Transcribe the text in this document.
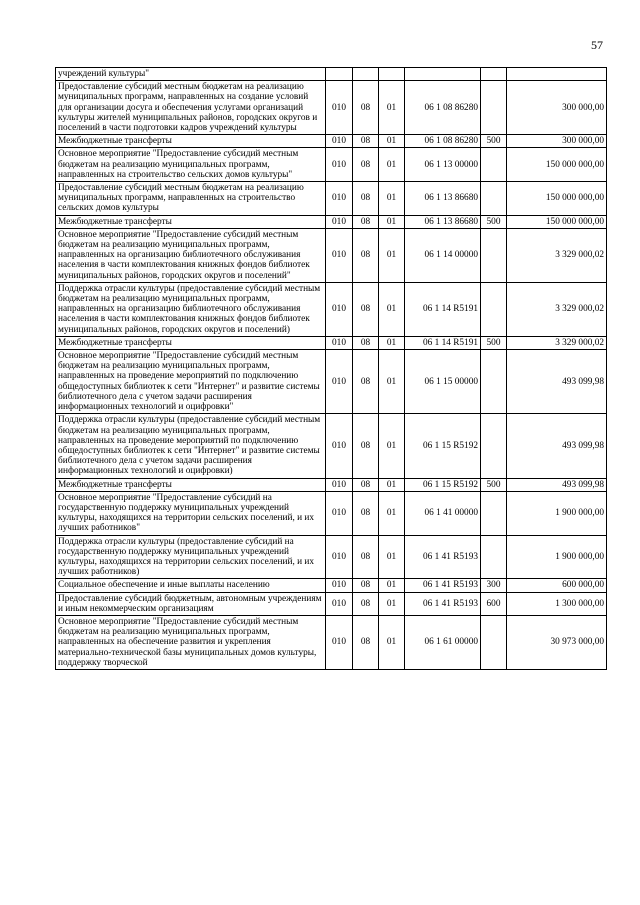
57
учреждений культуры"						
Предоставление субсидий местным бюджетам на реализацию муниципальных программ, направленных на создание условий для организации досуга и обеспечения услугами организаций культуры жителей муниципальных районов, городских округов и поселений в части подготовки кадров учреждений культуры	010	08	01	06 1 08 86280		300 000,00
Межбюджетные трансферты	010	08	01	06 1 08 86280	500	300 000,00
Основное мероприятие "Предоставление субсидий местным бюджетам на реализацию муниципальных программ, направленных на строительство сельских домов культуры"	010	08	01	06 1 13 00000		150 000 000,00
Предоставление субсидий местным бюджетам на реализацию муниципальных программ, направленных на строительство сельских домов культуры	010	08	01	06 1 13 86680		150 000 000,00
Межбюджетные трансферты	010	08	01	06 1 13 86680	500	150 000 000,00
Основное мероприятие "Предоставление субсидий местным бюджетам на реализацию муниципальных программ, направленных на организацию библиотечного обслуживания населения в части комплектования книжных фондов библиотек муниципальных районов, городских округов и поселений"	010	08	01	06 1 14 00000		3 329 000,02
Поддержка отрасли культуры (предоставление субсидий местным бюджетам на реализацию муниципальных программ, направленных на организацию библиотечного обслуживания населения в части комплектования книжных фондов библиотек муниципальных районов, городских округов и поселений)	010	08	01	06 1 14 R5191		3 329 000,02
Межбюджетные трансферты	010	08	01	06 1 14 R5191	500	3 329 000,02
Основное мероприятие "Предоставление субсидий местным бюджетам на реализацию муниципальных программ, направленных на проведение мероприятий по подключению общедоступных библиотек к сети "Интернет" и развитие системы библиотечного дела с учетом задачи расширения информационных технологий и оцифровки"	010	08	01	06 1 15 00000		493 099,98
Поддержка отрасли культуры (предоставление субсидий местным бюджетам на реализацию муниципальных программ, направленных на проведение мероприятий по подключению общедоступных библиотек к сети "Интернет" и развитие системы библиотечного дела с учетом задачи расширения информационных технологий и оцифровки)	010	08	01	06 1 15 R5192		493 099,98
Межбюджетные трансферты	010	08	01	06 1 15 R5192	500	493 099,98
Основное мероприятие "Предоставление субсидий на государственную поддержку муниципальных учреждений культуры, находящихся на территории сельских поселений, и их лучших работников"	010	08	01	06 1 41 00000		1 900 000,00
Поддержка отрасли культуры (предоставление субсидий на государственную поддержку муниципальных учреждений культуры, находящихся на территории сельских поселений, и их лучших работников)	010	08	01	06 1 41 R5193		1 900 000,00
Социальное обеспечение и иные выплаты населению	010	08	01	06 1 41 R5193	300	600 000,00
Предоставление субсидий бюджетным, автономным учреждениям и иным некоммерческим организациям	010	08	01	06 1 41 R5193	600	1 300 000,00
Основное мероприятие "Предоставление субсидий местным бюджетам на реализацию муниципальных программ, направленных на обеспечение развития и укрепления материально-технической базы муниципальных домов культуры, поддержку творческой	010	08	01	06 1 61 00000		30 973 000,00
